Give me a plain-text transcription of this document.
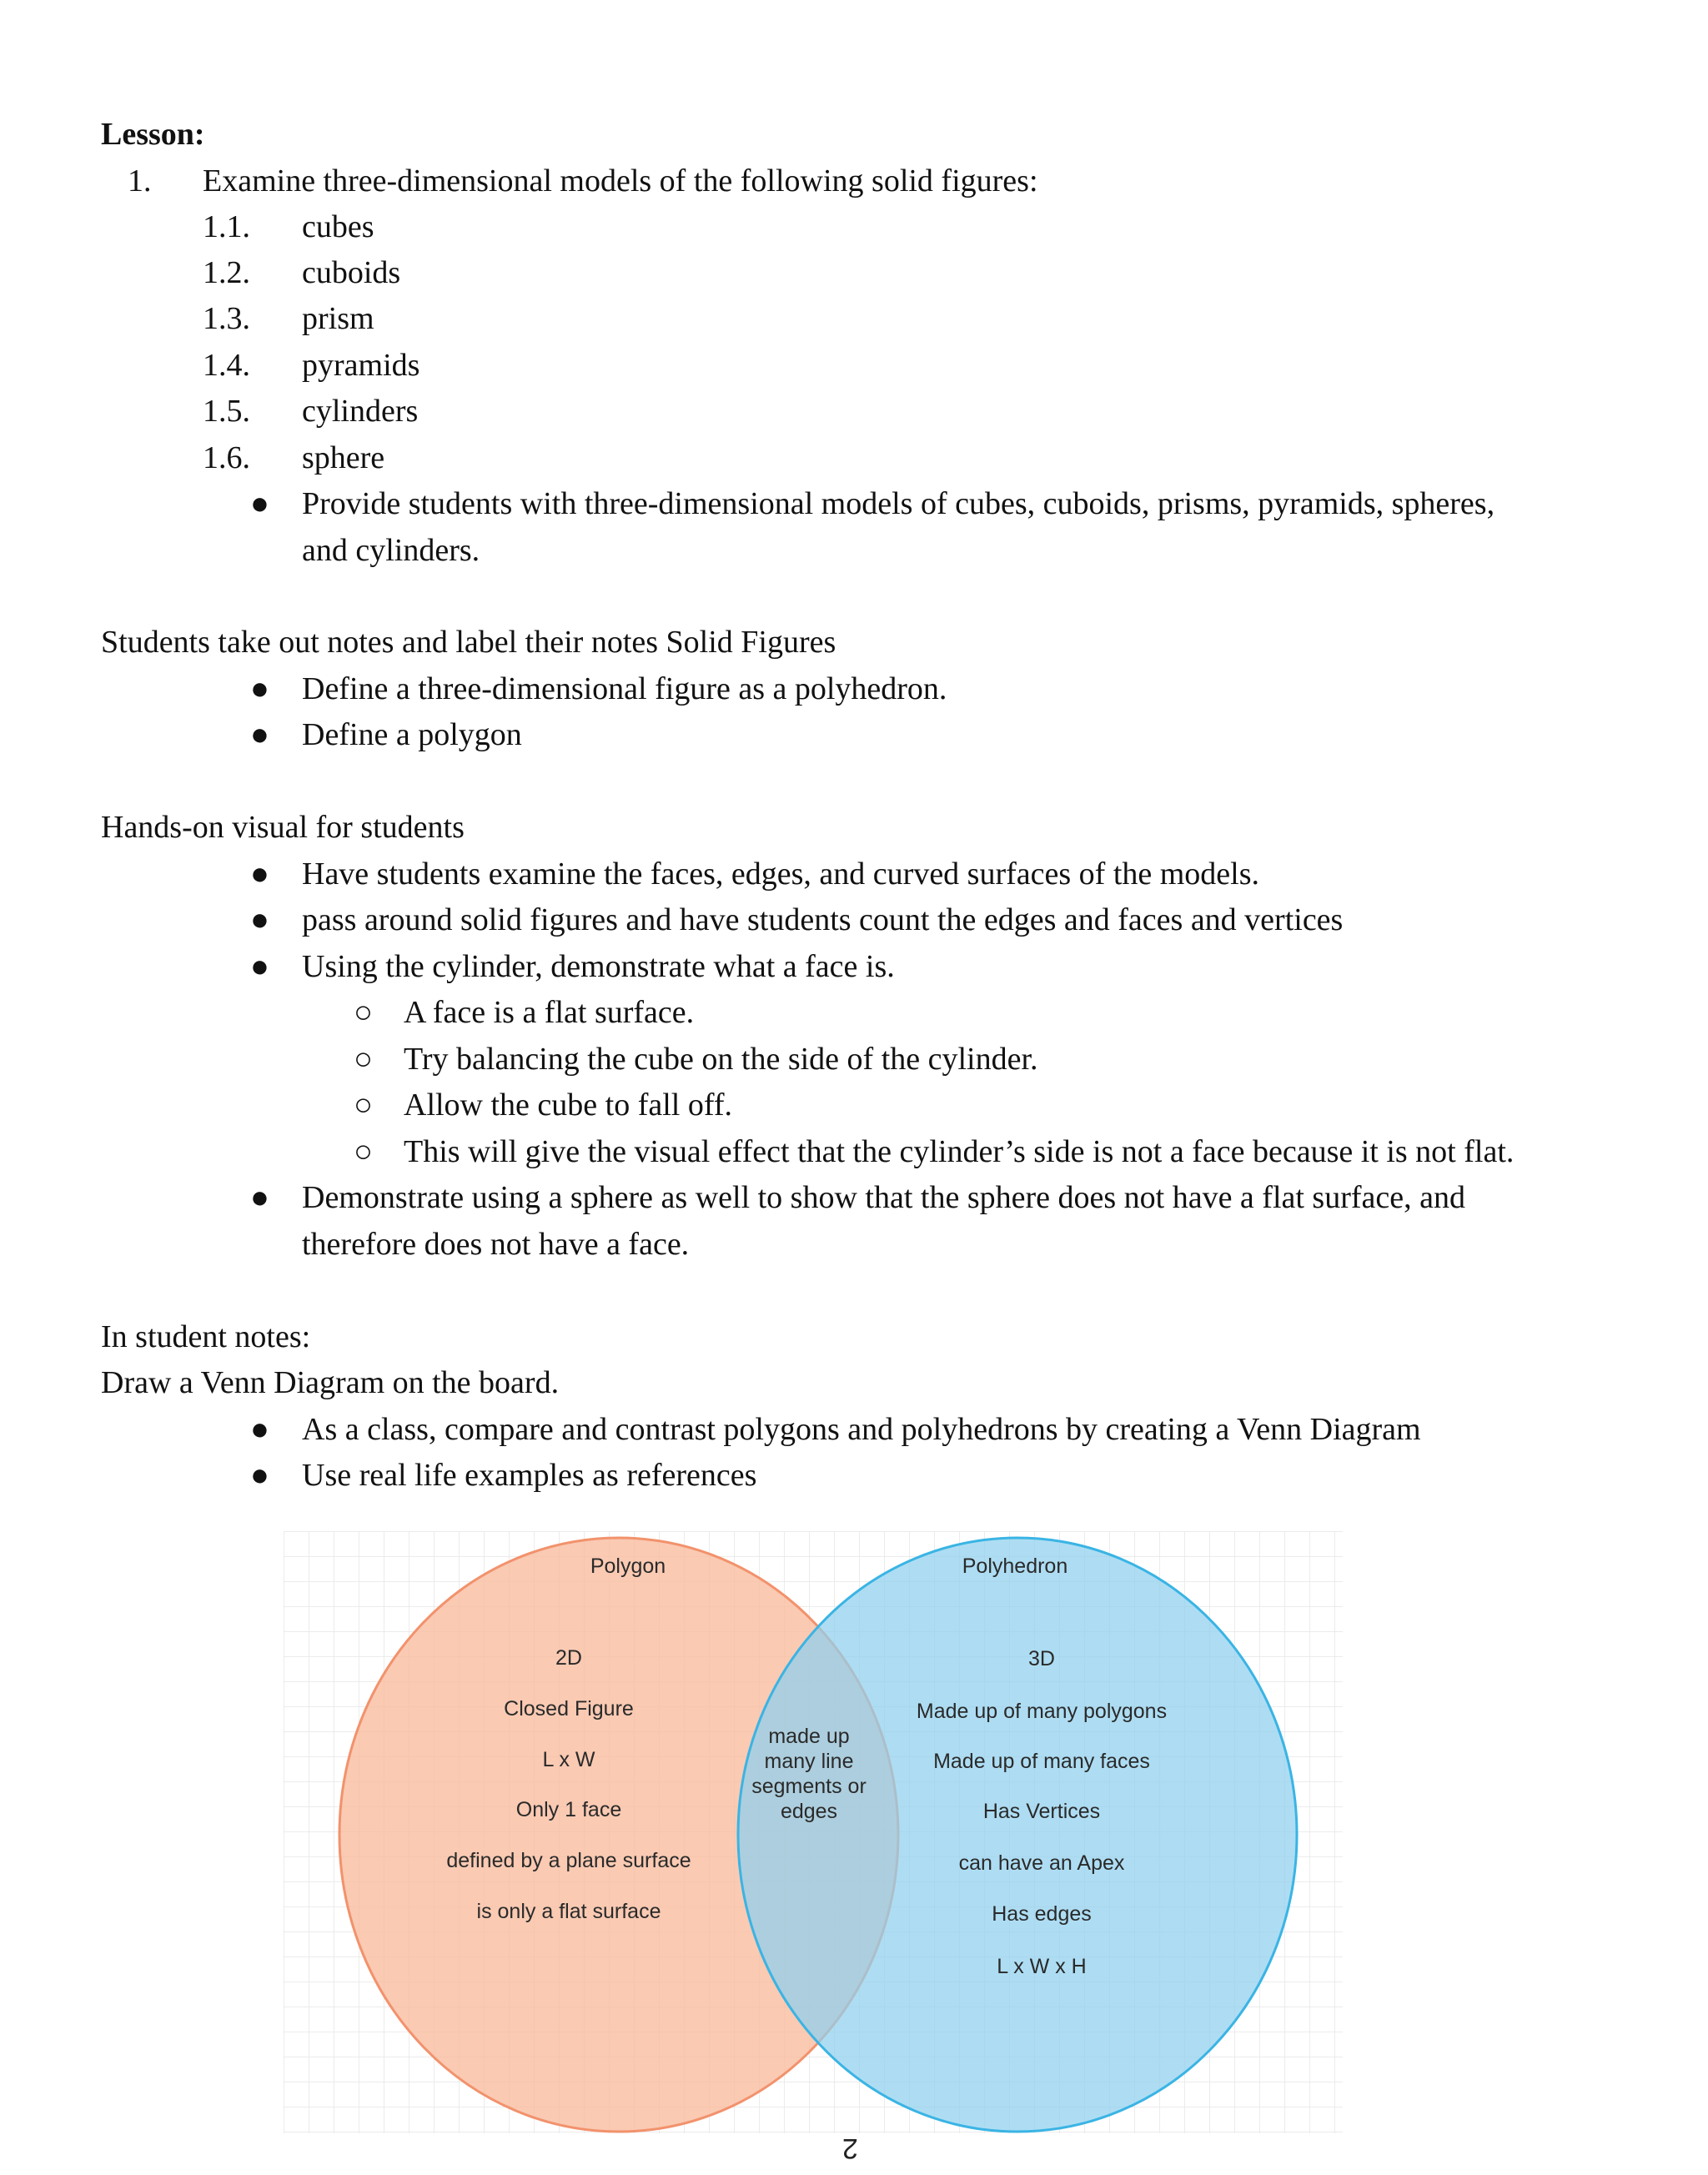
Lesson:
1. Examine three-dimensional models of the following solid figures:
1.1. cubes
1.2. cuboids
1.3. prism
1.4. pyramids
1.5. cylinders
1.6. sphere
● Provide students with three-dimensional models of cubes, cuboids, prisms, pyramids, spheres,
and cylinders.
Students take out notes and label their notes Solid Figures
● Define a three-dimensional figure as a polyhedron.
● Define a polygon
Hands-on visual for students
● Have students examine the faces, edges, and curved surfaces of the models.
● pass around solid figures and have students count the edges and faces and vertices
● Using the cylinder, demonstrate what a face is.
○ A face is a flat surface.
○ Try balancing the cube on the side of the cylinder.
○ Allow the cube to fall off.
○ This will give the visual effect that the cylinder’s side is not a face because it is not flat.
● Demonstrate using a sphere as well to show that the sphere does not have a flat surface, and
therefore does not have a face.
In student notes:
Draw a Venn Diagram on the board.
● As a class, compare and contrast polygons and polyhedrons by creating a Venn Diagram
● Use real life examples as references
Polygon	Polyhedron
2D
Closed Figure
L x W
Only 1 face
defined by a plane surface
is only a flat surface
made up
many line
segments or
edges
3D
Made up of many polygons
Made up of many faces
Has Vertices
can have an Apex
Has edges
L x W x H
2
